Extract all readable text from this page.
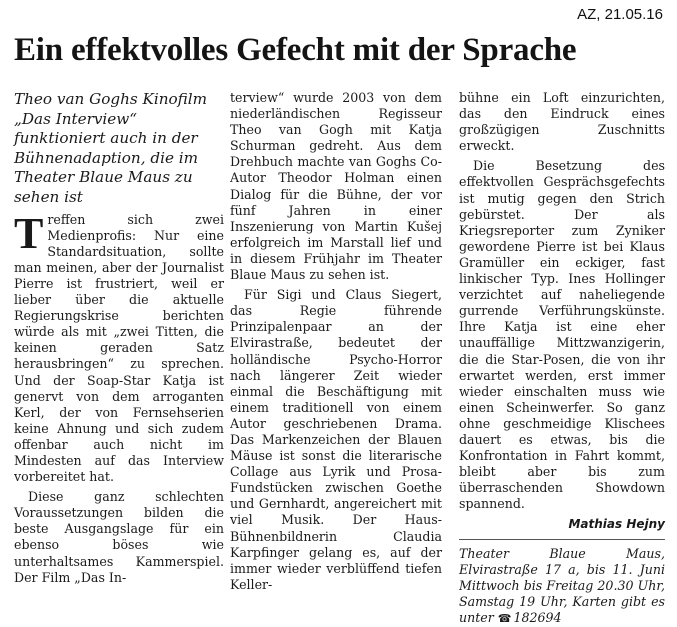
AZ, 21.05.16
Ein effektvolles Gefecht mit der Sprache

Theo van Goghs Kinofilm „Das Interview“ funktioniert auch in der Bühnenadaption, die im Theater Blaue Maus zu sehen ist

Treffen sich zwei Medienprofis: Nur eine Standardsituation, sollte man meinen, aber der Journalist Pierre ist frustriert, weil er lieber über die aktuelle Regierungskrise berichten würde als mit „zwei Titten, die keinen geraden Satz herausbringen“ zu sprechen. Und der Soap-Star Katja ist genervt von dem arroganten Kerl, der von Fernsehserien keine Ahnung und sich zudem offenbar auch nicht im Mindesten auf das Interview vorbereitet hat.

Diese ganz schlechten Voraussetzungen bilden die beste Ausgangslage für ein ebenso böses wie unterhaltsames Kammerspiel. Der Film „Das In-

terview“ wurde 2003 von dem niederländischen Regisseur Theo van Gogh mit Katja Schurman gedreht. Aus dem Drehbuch machte van Goghs Co-Autor Theodor Holman einen Dialog für die Bühne, der vor fünf Jahren in einer Inszenierung von Martin Kušej erfolgreich im Marstall lief und in diesem Frühjahr im Theater Blaue Maus zu sehen ist.

Für Sigi und Claus Siegert, das Regie führende Prinzipalenpaar an der Elvirastraße, bedeutet der holländische Psycho-Horror nach längerer Zeit wieder einmal die Beschäftigung mit einem traditionell von einem Autor geschriebenen Drama. Das Markenzeichen der Blauen Mäuse ist sonst die literarische Collage aus Lyrik und Prosa-Fundstücken zwischen Goethe und Gernhardt, angereichert mit viel Musik. Der Haus-Bühnenbildnerin Claudia Karpfinger gelang es, auf der immer wieder verblüffend tiefen Keller-

bühne ein Loft einzurichten, das den Eindruck eines großzügigen Zuschnitts erweckt.

Die Besetzung des effektvollen Gesprächsgefechts ist mutig gegen den Strich gebürstet. Der als Kriegsreporter zum Zyniker gewordene Pierre ist bei Klaus Gramüller ein eckiger, fast linkischer Typ. Ines Hollinger verzichtet auf naheliegende gurrende Verführungskünste. Ihre Katja ist eine eher unauffällige Mittzwanzigerin, die die Star-Posen, die von ihr erwartet werden, erst immer wieder einschalten muss wie einen Scheinwerfer. So ganz ohne geschmeidige Klischees dauert es etwas, bis die Konfrontation in Fahrt kommt, bleibt aber bis zum überraschenden Showdown spannend.

Mathias Hejny
Theater Blaue Maus, Elvirastraße 17 a, bis 11. Juni Mittwoch bis Freitag 20.30 Uhr, Samstag 19 Uhr, Karten gibt es unter ☎ 182694
